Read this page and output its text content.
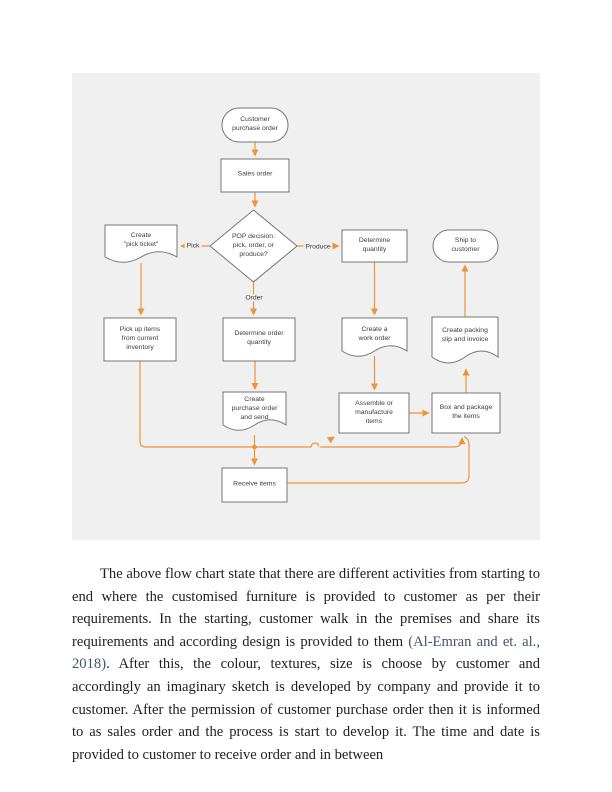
Customer
purchase order
Sales order
POP decision:
pick, order, or
produce?
Create
"pick ticket"
Determine
quantity
Ship to
customer
Pick up items
from current
inventory
Determine order
quantity
Create a
work order
Create packing
slip and invoice
Create
purchase order
and send
Assemble or
manufacture
items
Box and package
the items
Receive items
Pick	Produce
Order

The above flow chart state that there are different activities from starting to end where the customised furniture is provided to customer as per their requirements. In the starting, customer walk in the premises and share its requirements and according design is provided to them (Al-Emran and et. al., 2018). After this, the colour, textures, size is choose by customer and accordingly an imaginary sketch is developed by company and provide it to customer. After the permission of customer purchase order then it is informed to as sales order and the process is start to develop it. The time and date is provided to customer to receive order and in between
